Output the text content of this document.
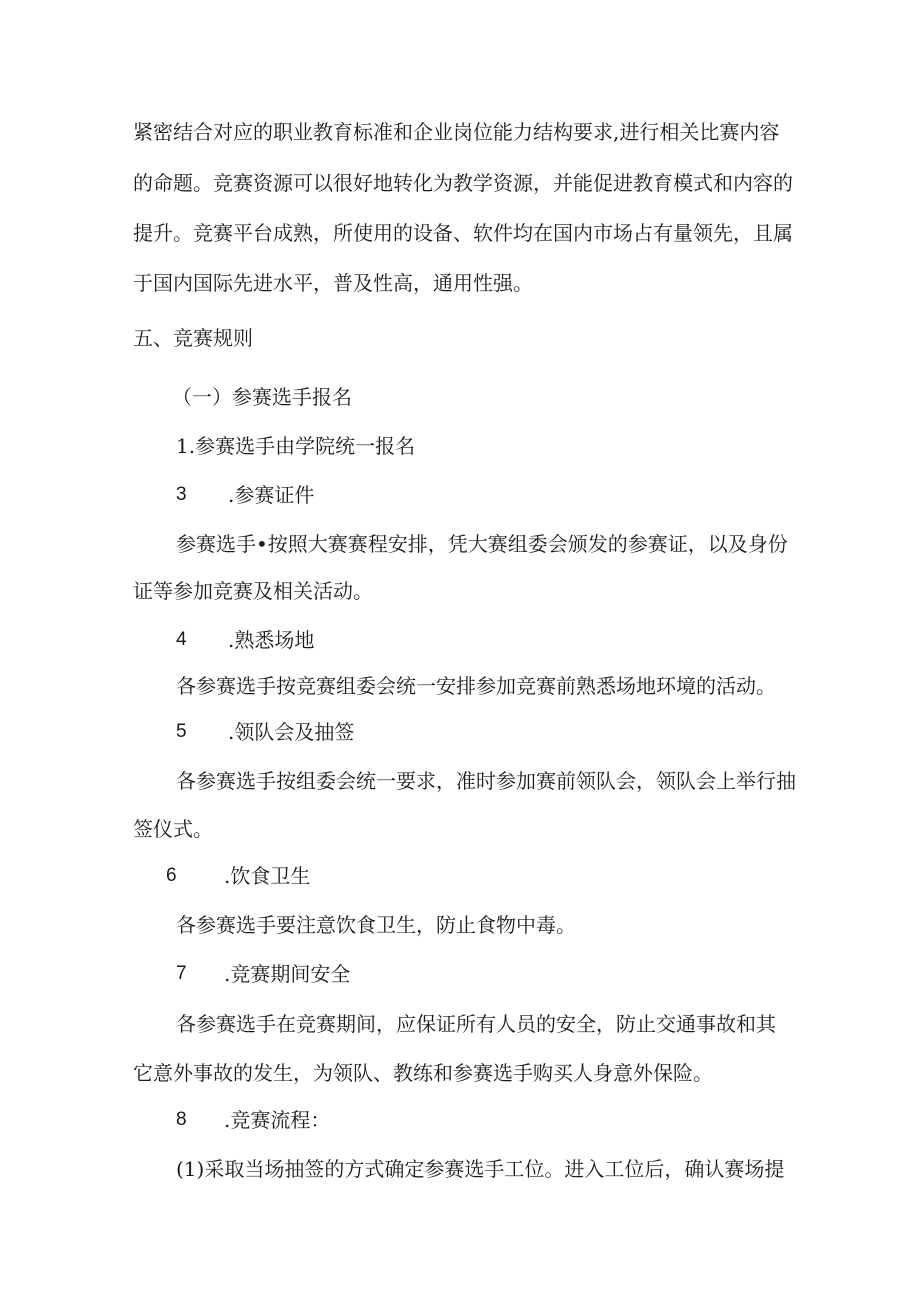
紧密结合对应的职业教育标准和企业岗位能力结构要求,进行相关比赛内容
的命题。竞赛资源可以很好地转化为教学资源，并能促进教育模式和内容的
提升。竞赛平台成熟，所使用的设备、软件均在国内市场占有量领先，且属
于国内国际先进水平，普及性高，通用性强。
五、竞赛规则
（一）参赛选手报名
1.参赛选手由学院统一报名
3 .参赛证件
参赛选手•按照大赛赛程安排，凭大赛组委会颁发的参赛证，以及身份
证等参加竞赛及相关活动。
4 .熟悉场地
各参赛选手按竞赛组委会统一安排参加竞赛前熟悉场地环境的活动。
5 .领队会及抽签
各参赛选手按组委会统一要求，准时参加赛前领队会，领队会上举行抽
签仪式。
6 .饮食卫生
各参赛选手要注意饮食卫生，防止食物中毒。
7 .竞赛期间安全
各参赛选手在竞赛期间，应保证所有人员的安全，防止交通事故和其
它意外事故的发生，为领队、教练和参赛选手购买人身意外保险。
8 .竞赛流程：
(1)采取当场抽签的方式确定参赛选手工位。进入工位后，确认赛场提
